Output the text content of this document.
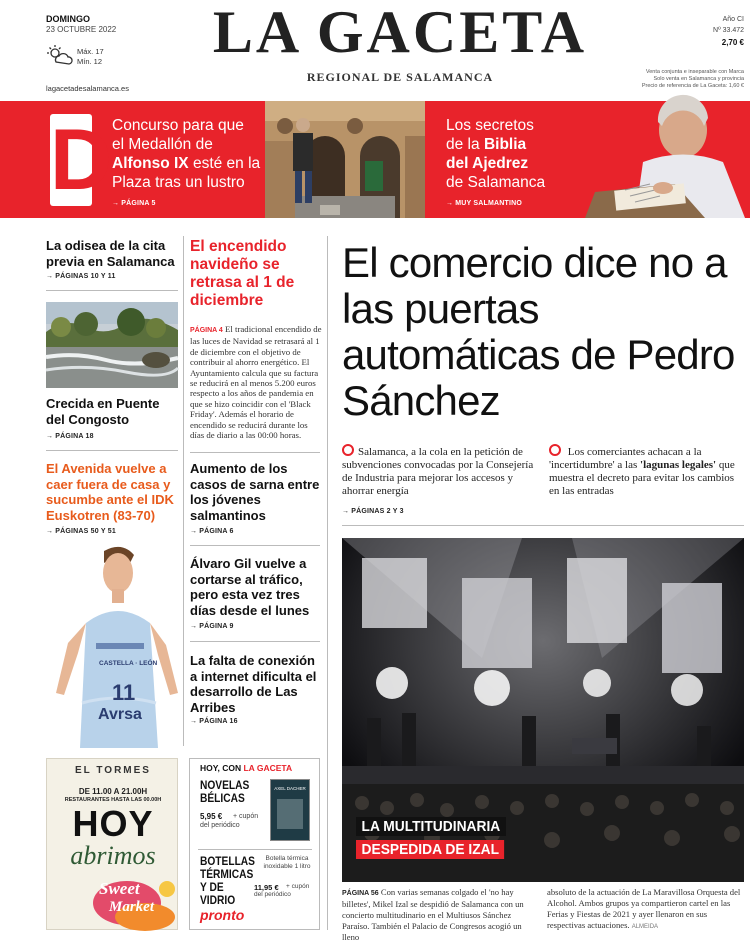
DOMINGO
23 OCTUBRE 2022
Máx. 17
Mín. 12
lagacetadesalamanca.es
LA GACETA
REGIONAL DE SALAMANCA
Año CI
Nº 33.472
2,70 €
Venta conjunta e inseparable con Marca
Solo venta en Salamanca y provincia
Precio de referencia de La Gaceta: 1,60 €
D Concurso para que
el Medallón de
Alfonso IX esté en la
Plaza tras un lustro
→ PÁGINA 5
Los secretos
de la Biblia
del Ajedrez
de Salamanca
→ MUY SALMANTINO
La odisea de la cita previa en Salamanca
→ PÁGINAS 10 Y 11
Crecida en Puente del Congosto
→ PÁGINA 18
El Avenida vuelve a caer fuera de casa y sucumbe ante el IDK Euskotren (83-70)
→ PÁGINAS 50 Y 51
CASTELLA · LEÓN
11
Avrsa
El encendido navideño se retrasa al 1 de diciembre
PÁGINA 4 El tradicional encendido de las luces de Navidad se retrasará al 1 de diciembre con el objetivo de contribuir al ahorro energético. El Ayuntamiento calcula que su factura se reducirá en al menos 5.200 euros respecto a los años de pandemia en que se hizo coincidir con el 'Black Friday'. Además el horario de encendido se reducirá durante los días de diario a las 00:00 horas.
Aumento de los casos de sarna entre los jóvenes salmantinos
→ PÁGINA 6
Álvaro Gil vuelve a cortarse al tráfico, pero esta vez tres días desde el lunes
→ PÁGINA 9
La falta de conexión a internet dificulta el desarrollo de Las Arribes
→ PÁGINA 16
EL TORMES
DE 11.00 A 21.00H
RESTAURANTES HASTA LAS 00.00H
HOY
abrimos
Sweet
Market
HOY, CON LA GACETA
NOVELAS BÉLICAS
5,95 €	+ cupón del periódico
AXEL DACHER
BOTELLAS TÉRMICAS Y DE VIDRIO
Botella térmica inoxidable 1 litro
11,95 €	+ cupón del periódico
pronto
El comercio dice no a las puertas automáticas de Pedro Sánchez
Salamanca, a la cola en la petición de subvenciones convocadas por la Consejería de Industria para mejorar los accesos y ahorrar energía
Los comerciantes achacan a la 'incertidumbre' a las 'lagunas legales' que muestra el decreto para evitar los cambios en las entradas
→ PÁGINAS 2 Y 3
LA MULTITUDINARIA
DESPEDIDA DE IZAL
PÁGINA 56 Con varias semanas colgado el 'no hay billetes', Mikel Izal se despidió de Salamanca con un concierto multitudinario en el Multiusos Sánchez Paraíso. También el Palacio de Congresos acogió un lleno
absoluto de la actuación de La Maravillosa Orquesta del Alcohol. Ambos grupos ya compartieron cartel en las Ferias y Fiestas de 2021 y ayer llenaron en sus respectivas actuaciones. ALMEIDA
